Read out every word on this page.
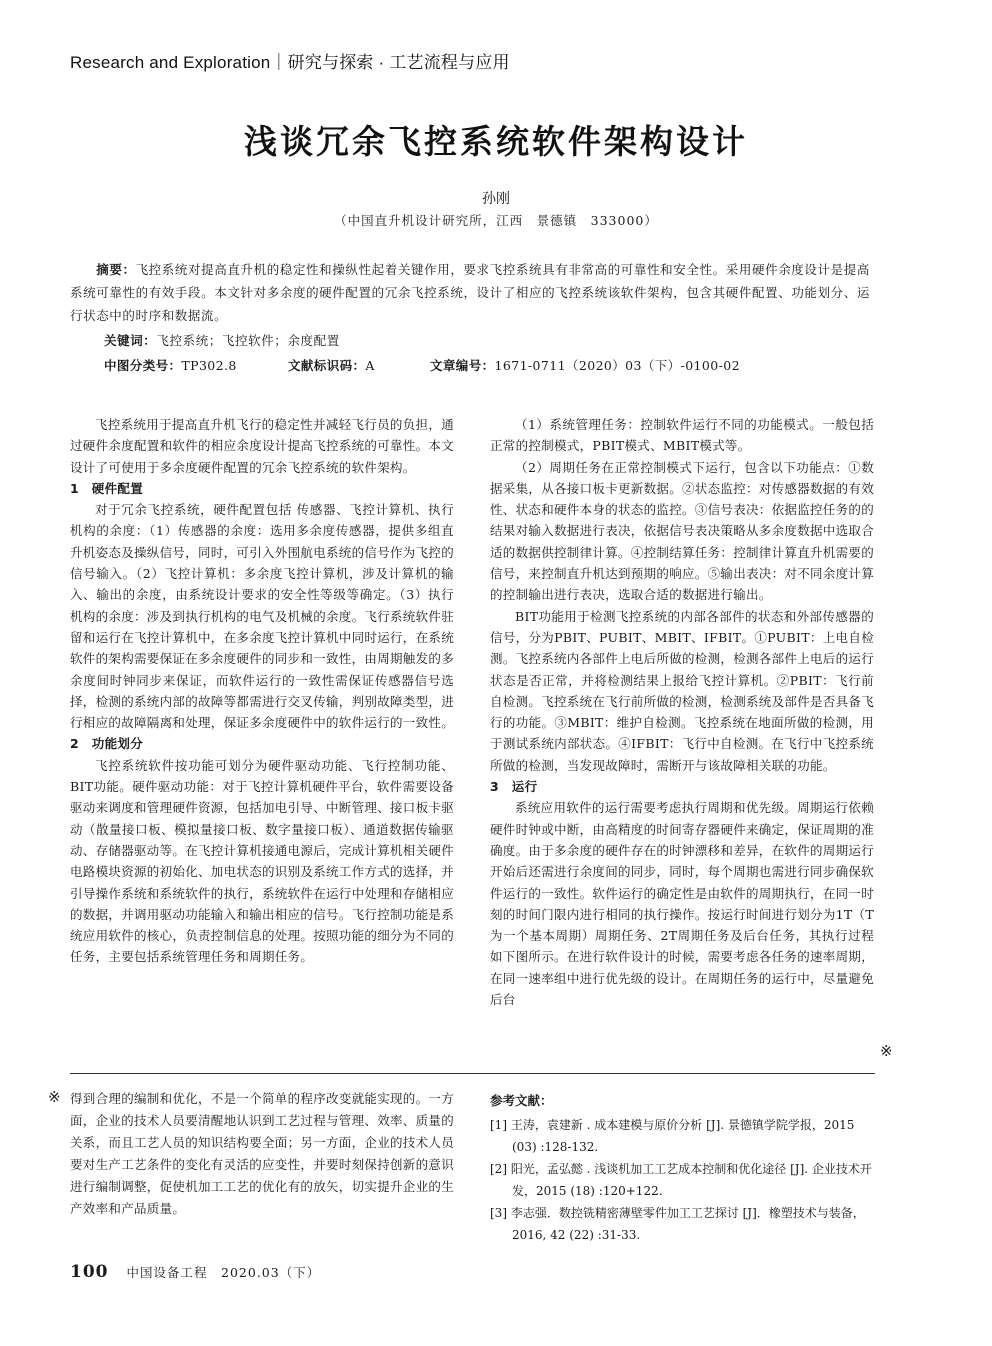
Research and Exploration｜研究与探索 · 工艺流程与应用
浅谈冗余飞控系统软件架构设计
孙刚
（中国直升机设计研究所，江西　景德镇　333000）
  摘要：飞控系统对提高直升机的稳定性和操纵性起着关键作用，要求飞控系统具有非常高的可靠性和安全性。采用硬件余度设计是提高系统可靠性的有效手段。本文针对多余度的硬件配置的冗余飞控系统，设计了相应的飞控系统该软件架构，包含其硬件配置、功能划分、运行状态中的时序和数据流。
关键词：飞控系统；飞控软件；余度配置
中图分类号：TP302.8	文献标识码：A	文章编号：1671-0711（2020）03（下）-0100-02

飞控系统用于提高直升机飞行的稳定性并减轻飞行员的负担，通过硬件余度配置和软件的相应余度设计提高飞控系统的可靠性。本文设计了可使用于多余度硬件配置的冗余飞控系统的软件架构。

1　硬件配置

对于冗余飞控系统，硬件配置包括 传感器、飞控计算机、执行机构的余度：（1）传感器的余度：选用多余度传感器，提供多组直升机姿态及操纵信号，同时，可引入外围航电系统的信号作为飞控的信号输入。（2）飞控计算机：多余度飞控计算机，涉及计算机的输入、输出的余度，由系统设计要求的安全性等级等确定。（3）执行机构的余度：涉及到执行机构的电气及机械的余度。飞行系统软件驻留和运行在飞控计算机中，在多余度飞控计算机中同时运行，在系统软件的架构需要保证在多余度硬件的同步和一致性，由周期触发的多余度间时钟同步来保证，而软件运行的一致性需保证传感器信号选择，检测的系统内部的故障等都需进行交叉传输，判别故障类型，进行相应的故障隔离和处理，保证多余度硬件中的软件运行的一致性。

2　功能划分

飞控系统软件按功能可划分为硬件驱动功能、飞行控制功能、BIT功能。硬件驱动功能：对于飞控计算机硬件平台，软件需要设备驱动来调度和管理硬件资源，包括加电引导、中断管理、接口板卡驱动（散量接口板、模拟量接口板、数字量接口板）、通道数据传输驱动、存储器驱动等。在飞控计算机接通电源后，完成计算机相关硬件电路模块资源的初始化、加电状态的识别及系统工作方式的选择，并引导操作系统和系统软件的执行，系统软件在运行中处理和存储相应的数据，并调用驱动功能输入和输出相应的信号。飞行控制功能是系统应用软件的核心，负责控制信息的处理。按照功能的细分为不同的任务，主要包括系统管理任务和周期任务。

（1）系统管理任务：控制软件运行不同的功能模式。一般包括正常的控制模式，PBIT模式、MBIT模式等。

（2）周期任务在正常控制模式下运行，包含以下功能点：①数据采集，从各接口板卡更新数据。②状态监控：对传感器数据的有效性、状态和硬件本身的状态的监控。③信号表决：依据监控任务的的结果对输入数据进行表决，依据信号表决策略从多余度数据中选取合适的数据供控制律计算。④控制结算任务：控制律计算直升机需要的信号，来控制直升机达到预期的响应。⑤输出表决：对不同余度计算的控制输出进行表决，选取合适的数据进行输出。

BIT功能用于检测飞控系统的内部各部件的状态和外部传感器的信号，分为PBIT、PUBIT、MBIT、IFBIT。①PUBIT：上电自检测。飞控系统内各部件上电后所做的检测，检测各部件上电后的运行状态是否正常，并将检测结果上报给飞控计算机。②PBIT：飞行前自检测。飞控系统在飞行前所做的检测，检测系统及部件是否具备飞行的功能。③MBIT：维护自检测。飞控系统在地面所做的检测，用于测试系统内部状态。④IFBIT：飞行中自检测。在飞行中飞控系统所做的检测，当发现故障时，需断开与该故障相关联的功能。

3　运行

系统应用软件的运行需要考虑执行周期和优先级。周期运行依赖硬件时钟或中断，由高精度的时间寄存器硬件来确定，保证周期的准确度。由于多余度的硬件存在的时钟漂移和差异，在软件的周期运行开始后还需进行余度间的同步，同时，每个周期也需进行同步确保软件运行的一致性。软件运行的确定性是由软件的周期执行，在同一时刻的时间门限内进行相同的执行操作。按运行时间进行划分为1T（T为一个基本周期）周期任务、2T周期任务及后台任务，其执行过程如下图所示。在进行软件设计的时候，需要考虑各任务的速率周期，在同一速率组中进行优先级的设计。在周期任务的运行中，尽量避免后台

※
※ 得到合理的编制和优化，不是一个简单的程序改变就能实现的。一方面，企业的技术人员要清醒地认识到工艺过程与管理、效率、质量的关系，而且工艺人员的知识结构要全面；另一方面，企业的技术人员要对生产工艺条件的变化有灵活的应变性，并要时刻保持创新的意识进行编制调整，促使机加工工艺的优化有的放矢，切实提升企业的生产效率和产品质量。
参考文献：

[1] 王涛，袁建新 . 成本建模与原价分析 [J]. 景德镇学院学报，2015 (03) :128-132.

[2] 阳光，孟弘懿 . 浅谈机加工工艺成本控制和优化途径 [J]. 企业技术开发，2015 (18) :120+122.

[3] 李志强．数控铣精密薄壁零件加工工艺探讨 [J]．橡塑技术与装备，2016, 42 (22) :31-33.

100 中国设备工程　2020.03（下）
